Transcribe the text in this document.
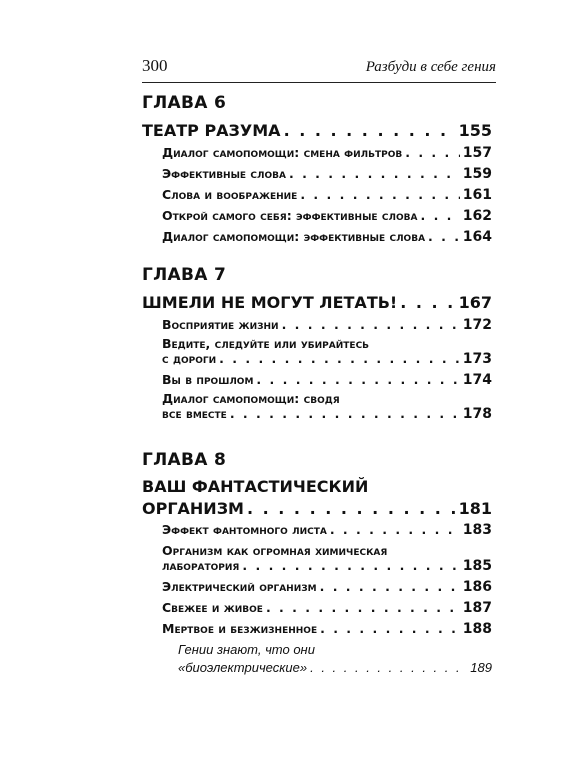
300	Разбуди в себе гения
ГЛАВА 6
ТЕАТР РАЗУМА . . .	155
Диалог самопомощи: смена фильтров . . .	157
Эффективные слова . . .	159
Слова и воображение . . .	161
Открой самого себя: эффективные слова . . .	162
Диалог самопомощи: эффективные слова . . .	164
ГЛАВА 7
ШМЕЛИ НЕ МОГУТ ЛЕТАТЬ! . . .	167
Восприятие жизни . . .	172
Ведите, следуйте или убирайтесь
с дороги . . .	173
Вы в прошлом . . .	174
Диалог самопомощи: сводя
все вместе . . .	178
ГЛАВА 8
ВАШ ФАНТАСТИЧЕСКИЙ
ОРГАНИЗМ . . .	181
Эффект фантомного листа . . .	183
Организм как огромная химическая
лаборатория . . .	185
Электрический организм . . .	186
Свежее и живое . . .	187
Мертвое и безжизненное . . .	188
Гении знают, что они
«биоэлектрические» . . .	189
